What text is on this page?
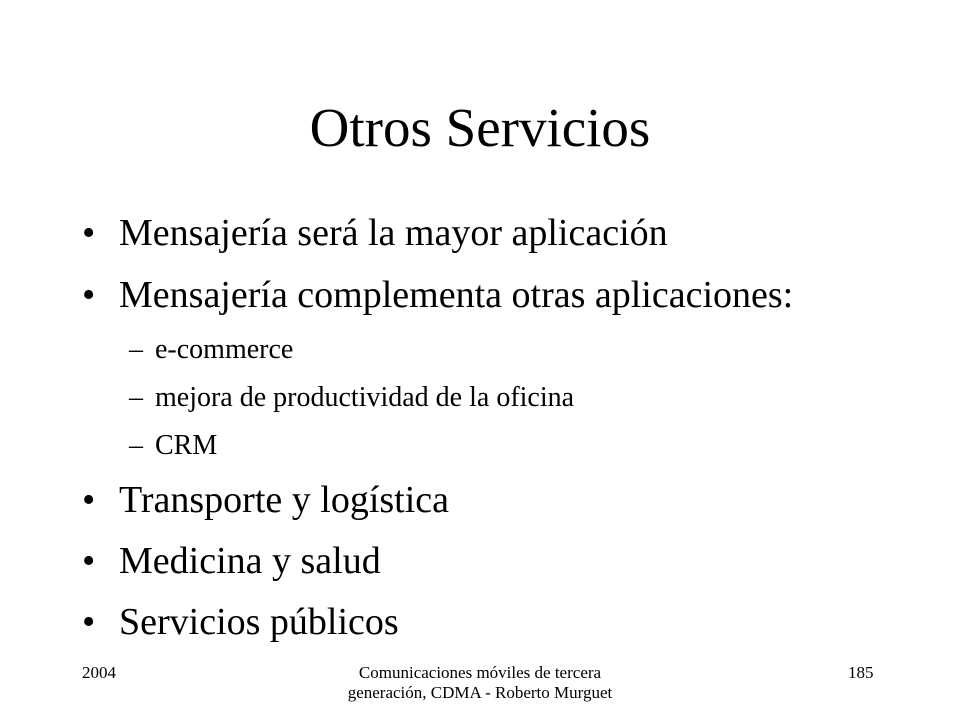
Otros Servicios
• Mensajería será la mayor aplicación
• Mensajería complementa otras aplicaciones:
– e-commerce
– mejora de productividad de la oficina
– CRM
• Transporte y logística
• Medicina y salud
• Servicios públicos
2004	Comunicaciones móviles de tercera generación, CDMA - Roberto Murguet
185
